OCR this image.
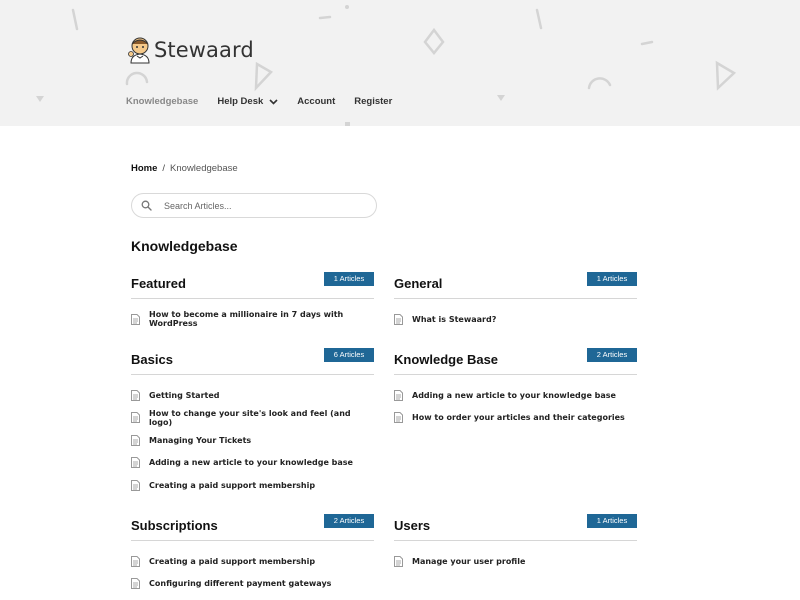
Stewaard
Knowledgebase Help Desk	Account Register
Home / Knowledgebase
Search Articles...
Knowledgebase
Featured	1 Articles
How to become a millionaire in 7 days with WordPress
General	1 Articles
What is Stewaard?
Basics	6 Articles
Getting Started
How to change your site's look and feel (and logo)
Managing Your Tickets
Adding a new article to your knowledge base
Creating a paid support membership
Knowledge Base	2 Articles
Adding a new article to your knowledge base
How to order your articles and their categories
Subscriptions	2 Articles
Creating a paid support membership
Configuring different payment gateways
Users	1 Articles
Manage your user profile
